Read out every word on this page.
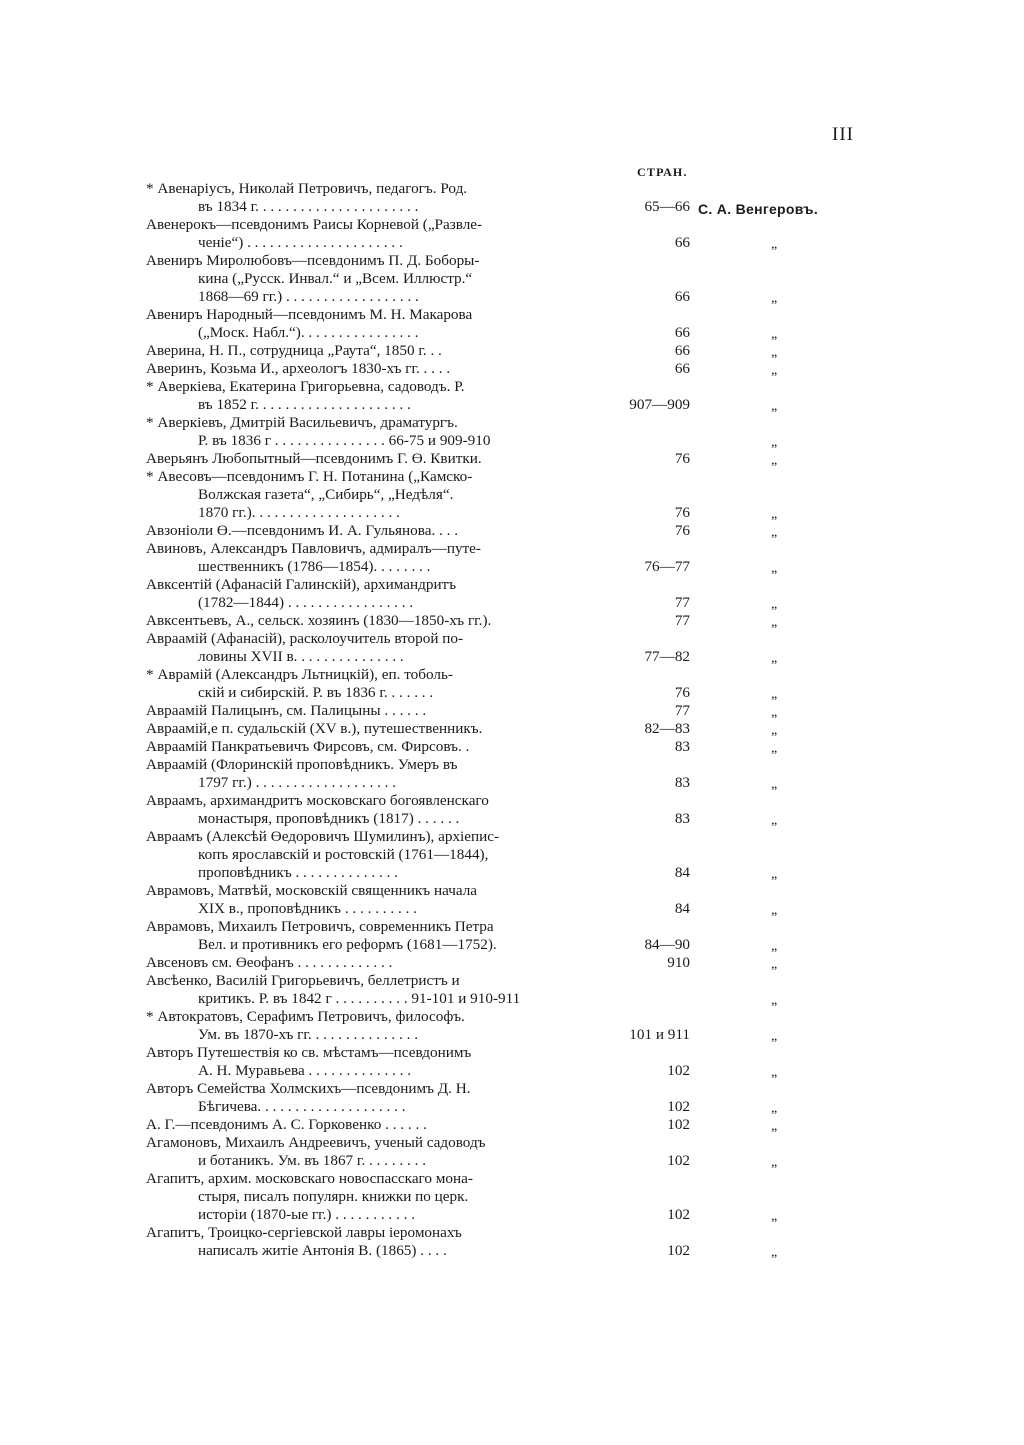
III
СТРАН.
* Авенаріусъ, Николай Петровичъ, педагогъ. Род.
въ 1834 г. . . . . . . . . . . . . . . . . . . . . .	65—66 С. А. Венгеровъ.
Авенерокъ—псевдонимъ Раисы Корневой („Развле-
ченіе“) . . . . . . . . . . . . . . . . . . . . .	66	„
Авениръ Миролюбовъ—псевдонимъ П. Д. Боборы-
кина („Русск. Инвал.“ и „Всем. Иллюстр.“
1868—69 гг.) . . . . . . . . . . . . . . . . . .	66	„
Авениръ Народный—псевдонимъ М. Н. Макарова
(„Моск. Набл.“). . . . . . . . . . . . . . . .	66	„
Аверина, Н. П., сотрудница „Раута“, 1850 г. . .	66	„
Аверинъ, Козьма И., археологъ 1830-хъ гг. . . . .	66	„
* Аверкіева, Екатерина Григорьевна, садоводъ. Р.
въ 1852 г. . . . . . . . . . . . . . . . . . . . .	907—909	„
* Аверкіевъ, Дмитрій Васильевичъ, драматургъ.
Р. въ 1836 г . . . . . . . . . . . . . . . 66-75 и 909-910	„
Аверьянъ Любопытный—псевдонимъ Г. Ө. Квитки.	76	„
* Авесовъ—псевдонимъ Г. Н. Потанина („Камско-
Волжская газета“, „Сибирь“, „Недѣля“.
1870 гг.). . . . . . . . . . . . . . . . . . . .	76	„
Авзоніоли Ө.—псевдонимъ И. А. Гульянова. . . .	76	„
Авиновъ, Александръ Павловичъ, адмиралъ—путе-
шественникъ (1786—1854). . . . . . . .	76—77	„
Авксентій (Афанасій Галинскій), архимандритъ
(1782—1844) . . . . . . . . . . . . . . . . .	77	„
Авксентьевъ, А., сельск. хозяинъ (1830—1850-хъ гг.).	77	„
Авраамій (Афанасій), расколоучитель второй по-
ловины XVII в. . . . . . . . . . . . . . .	77—82	„
* Аврамій (Александръ Льтницкій), еп. тоболь-
скій и сибирскій. Р. въ 1836 г. . . . . . .	76	„
Авраамій Палицынъ, см. Палицыны . . . . . .	77	„
Авраамій,е п. судальскій (XV в.), путешественникъ.	82—83	„
Авраамій Панкратьевичъ Фирсовъ, см. Фирсовъ. .	83	„
Авраамій (Флоринскій проповѣдникъ. Умеръ въ
1797 гг.) . . . . . . . . . . . . . . . . . . .	83	„
Авраамъ, архимандритъ московскаго богоявленскаго
монастыря, проповѣдникъ (1817) . . . . . .	83	„
Авраамъ (Алексѣй Өедоровичъ Шумилинъ), архіепис-
копъ ярославскій и ростовскій (1761—1844),
проповѣдникъ . . . . . . . . . . . . . .	84	„
Аврамовъ, Матвѣй, московскій священникъ начала
XIX в., проповѣдникъ . . . . . . . . . .	84	„
Аврамовъ, Михаилъ Петровичъ, современникъ Петра
Вел. и противникъ его реформъ (1681—1752).	84—90	„
Авсеновъ см. Өеофанъ . . . . . . . . . . . . .	910	„
Авсѣенко, Василій Григорьевичъ, беллетристъ и
критикъ. Р. въ 1842 г . . . . . . . . . . 91-101 и 910-911	„
* Автократовъ, Серафимъ Петровичъ, философъ.
Ум. въ 1870-хъ гг. . . . . . . . . . . . . . .	101 и 911	„
Авторъ Путешествія ко св. мѣстамъ—псевдонимъ
А. Н. Муравьева . . . . . . . . . . . . . .	102	„
Авторъ Семейства Холмскихъ—псевдонимъ Д. Н.
Бѣгичева. . . . . . . . . . . . . . . . . . . .	102	„
А. Г.—псевдонимъ А. С. Горковенко . . . . . .	102	„
Агамоновъ, Михаилъ Андреевичъ, ученый садоводъ
и ботаникъ. Ум. въ 1867 г. . . . . . . . .	102	„
Агапитъ, архим. московскаго новоспасскаго мона-
стыря, писалъ популярн. книжки по церк.
исторіи (1870-ые гг.) . . . . . . . . . . .	102	„
Агапитъ, Троицко-сергіевской лавры іеромонахъ
написалъ житіе Антонія В. (1865) . . . .	102	„
